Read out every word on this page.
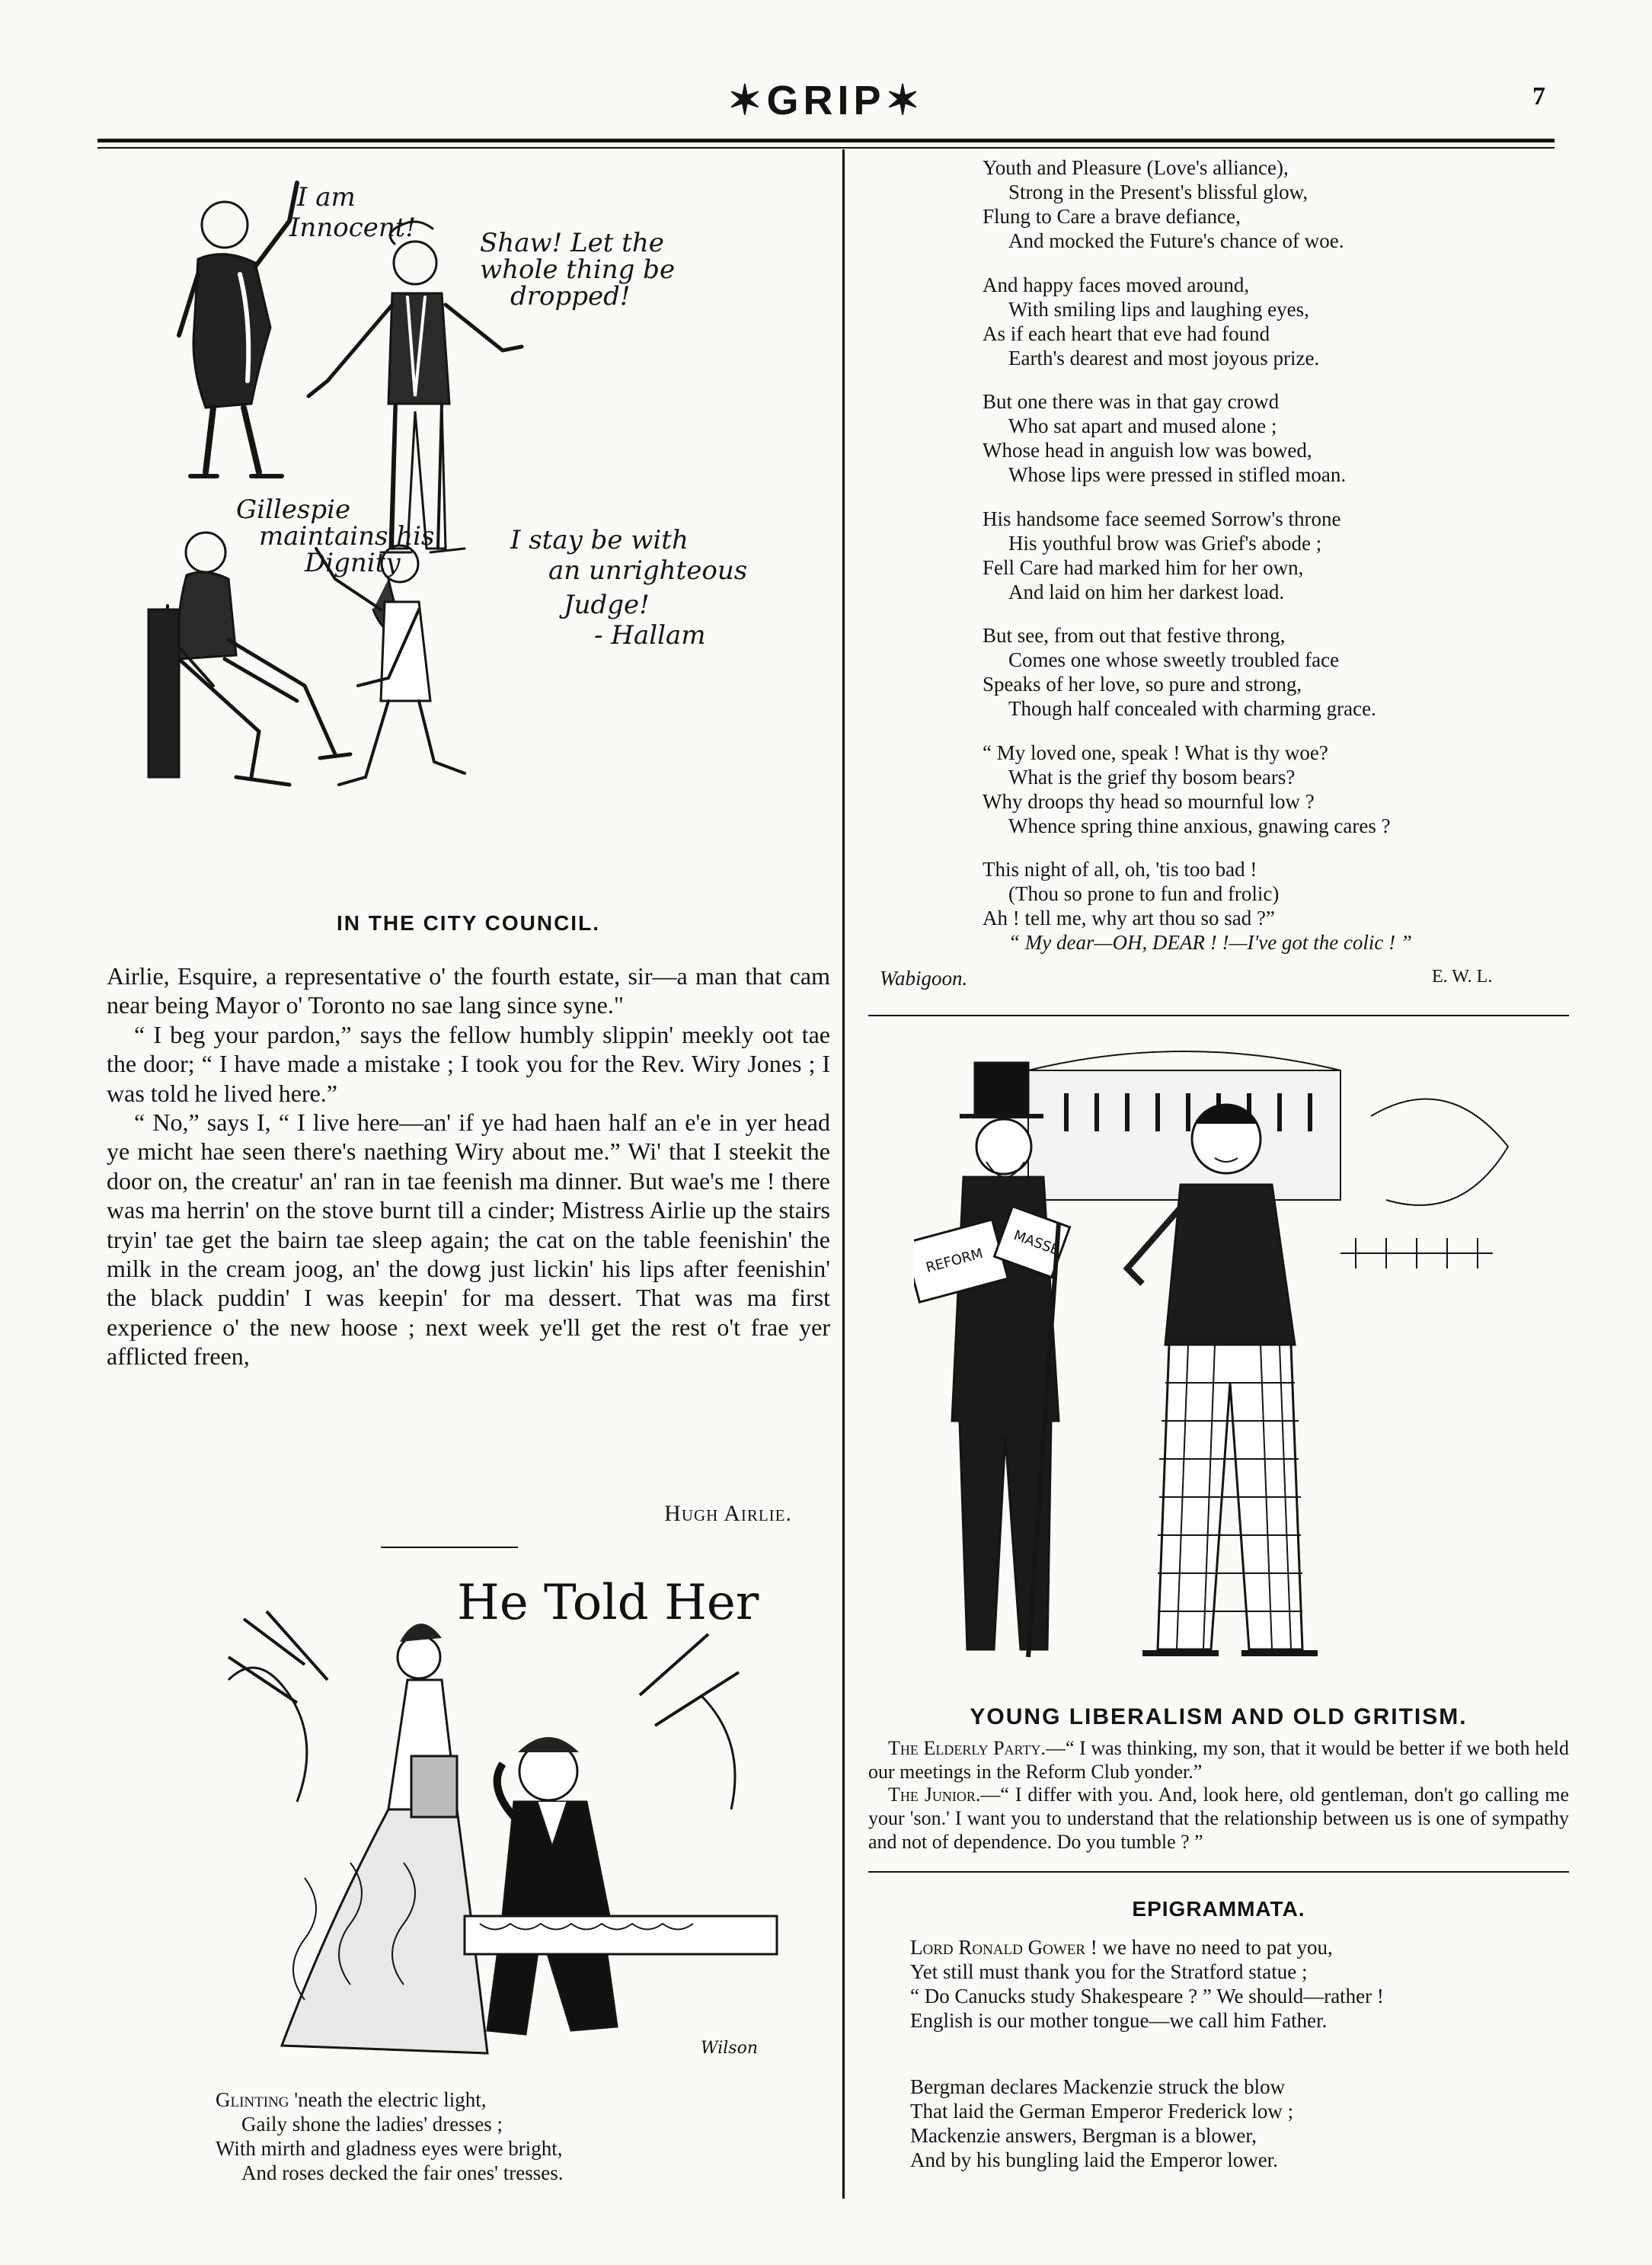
✶GRIP✶	7
I am
Innocent! Shaw! Let the
whole thing be
dropped!
Gillespie
maintains his
Dignity
I stay be with
an unrighteous
Judge!
- Hallam
IN THE CITY COUNCIL.

Airlie, Esquire, a representative o' the fourth estate, sir—a man that cam near being Mayor o' Toronto no sae lang since syne."

“ I beg your pardon,” says the fellow humbly slippin' meekly oot tae the door; “ I have made a mistake ; I took you for the Rev. Wiry Jones ; I was told he lived here.”

“ No,” says I, “ I live here—an' if ye had haen half an e'e in yer head ye micht hae seen there's naething Wiry about me.” Wi' that I steekit the door on, the creatur' an' ran in tae feenish ma dinner. But wae's me ! there was ma herrin' on the stove burnt till a cinder; Mistress Airlie up the stairs tryin' tae get the bairn tae sleep again; the cat on the table feenishin' the milk in the cream joog, an' the dowg just lickin' his lips after feenishin' the black puddin' I was keepin' for ma dessert. That was ma first experience o' the new hoose ; next week ye'll get the rest o't frae yer afflicted freen,

Hugh Airlie.
He Told Her
Wilson
Glinting 'neath the electric light,
Gaily shone the ladies' dresses ;
With mirth and gladness eyes were bright,
And roses decked the fair ones' tresses.
Youth and Pleasure (Love's alliance),
Strong in the Present's blissful glow,
Flung to Care a brave defiance,
And mocked the Future's chance of woe.
And happy faces moved around,
With smiling lips and laughing eyes,
As if each heart that eve had found
Earth's dearest and most joyous prize.
But one there was in that gay crowd
Who sat apart and mused alone ;
Whose head in anguish low was bowed,
Whose lips were pressed in stifled moan.
His handsome face seemed Sorrow's throne
His youthful brow was Grief's abode ;
Fell Care had marked him for her own,
And laid on him her darkest load.
But see, from out that festive throng,
Comes one whose sweetly troubled face
Speaks of her love, so pure and strong,
Though half concealed with charming grace.
“ My loved one, speak ! What is thy woe?
What is the grief thy bosom bears?
Why droops thy head so mournful low ?
Whence spring thine anxious, gnawing cares ?
This night of all, oh, 'tis too bad !
(Thou so prone to fun and frolic)
Ah ! tell me, why art thou so sad ?”
“ My dear—OH, DEAR ! !—I've got the colic ! ”
Wabigoon.	E. W. L.
REFORM
MASSE
YOUNG LIBERALISM AND OLD GRITISM.

The Elderly Party.—“ I was thinking, my son, that it would be better if we both held our meetings in the Reform Club yonder.”

The Junior.—“ I differ with you. And, look here, old gentleman, don't go calling me your 'son.' I want you to understand that the relationship between us is one of sympathy and not of dependence. Do you tumble ? ”

EPIGRAMMATA.
Lord Ronald Gower ! we have no need to pat you,
Yet still must thank you for the Stratford statue ;
“ Do Canucks study Shakespeare ? ” We should—rather !
English is our mother tongue—we call him Father.
Bergman declares Mackenzie struck the blow
That laid the German Emperor Frederick low ;
Mackenzie answers, Bergman is a blower,
And by his bungling laid the Emperor lower.
